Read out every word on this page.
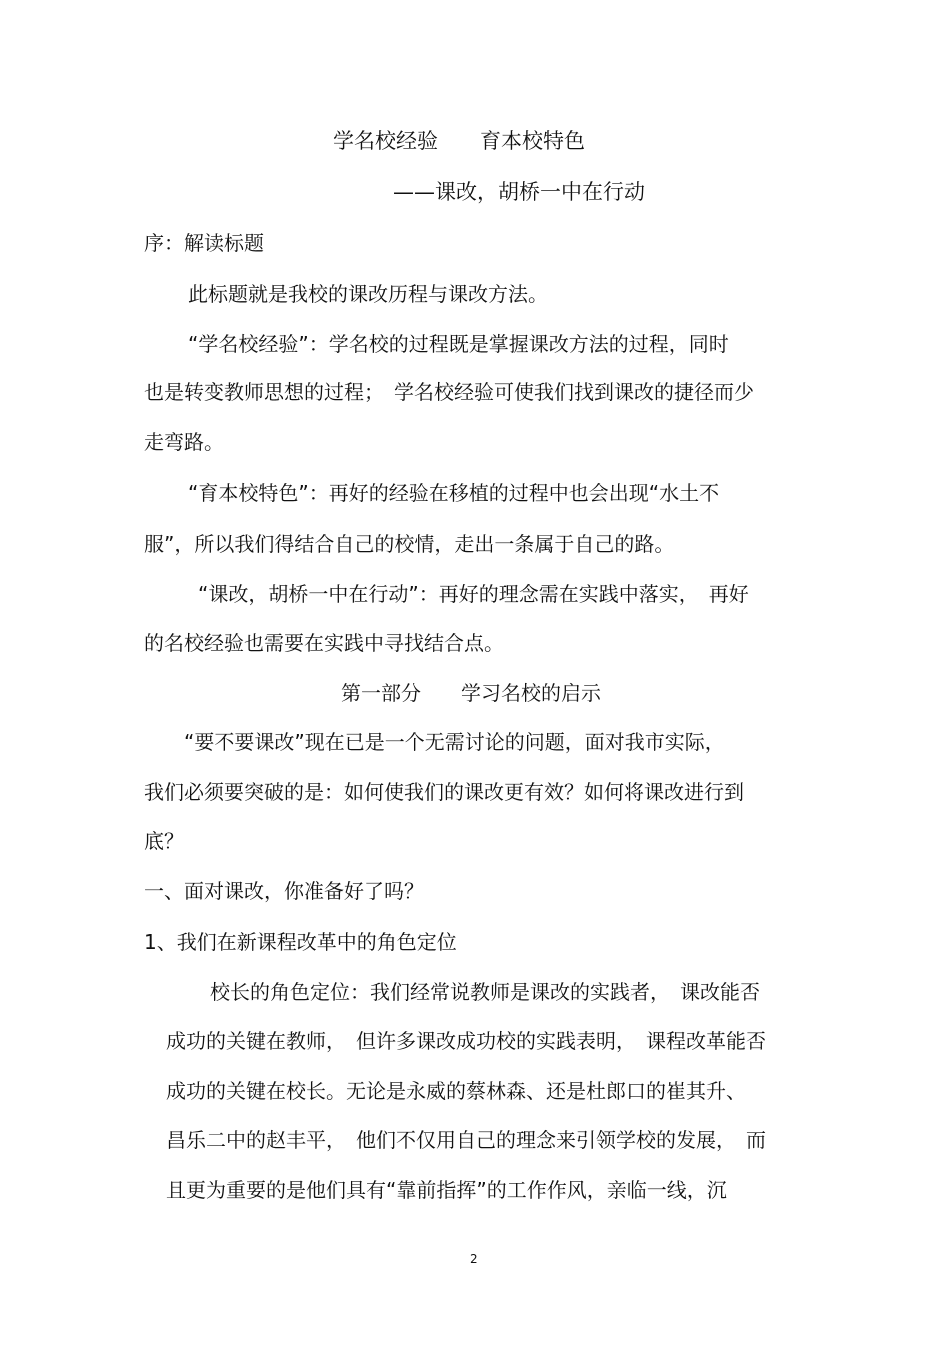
学名校经验　　育本校特色
——课改，胡桥一中在行动
序：解读标题
此标题就是我校的课改历程与课改方法。
“学名校经验”：学名校的过程既是掌握课改方法的过程，同时
也是转变教师思想的过程；　学名校经验可使我们找到课改的捷径而少
走弯路。
“育本校特色”：再好的经验在移植的过程中也会出现“水土不
服”，所以我们得结合自己的校情，走出一条属于自己的路。
“课改，胡桥一中在行动”：再好的理念需在实践中落实，　再好
的名校经验也需要在实践中寻找结合点。
第一部分　　学习名校的启示
“要不要课改”现在已是一个无需讨论的问题，面对我市实际，
我们必须要突破的是：如何使我们的课改更有效？如何将课改进行到
底？
一、面对课改，你准备好了吗？
1、我们在新课程改革中的角色定位
校长的角色定位：我们经常说教师是课改的实践者，　课改能否
成功的关键在教师，　但许多课改成功校的实践表明，　课程改革能否
成功的关键在校长。无论是永威的蔡林森、还是杜郎口的崔其升、
昌乐二中的赵丰平，　他们不仅用自己的理念来引领学校的发展，　而
且更为重要的是他们具有“靠前指挥”的工作作风，亲临一线，沉
2
